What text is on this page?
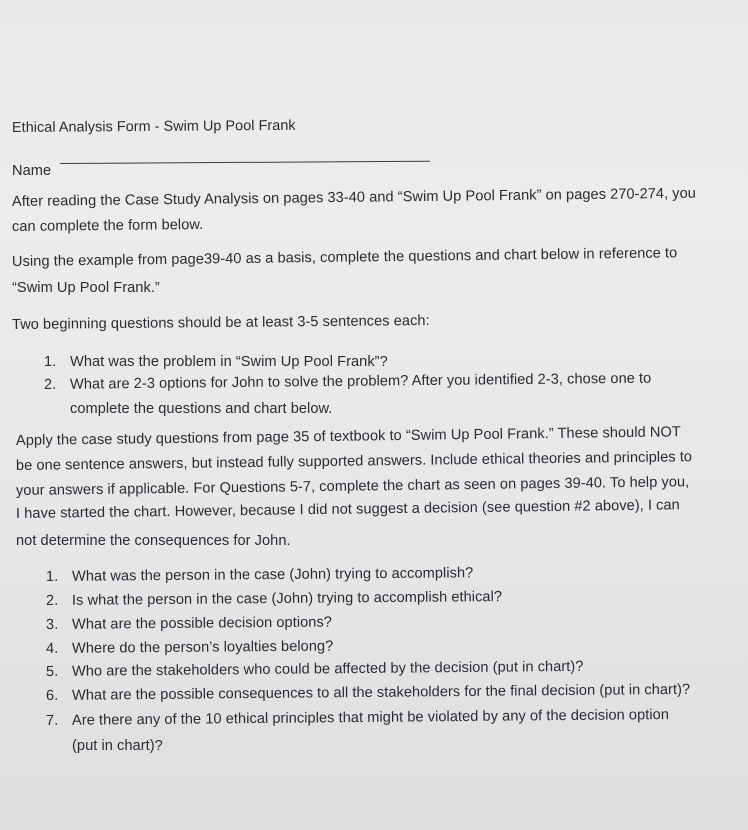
Ethical Analysis Form - Swim Up Pool Frank
Name
After reading the Case Study Analysis on pages 33-40 and “Swim Up Pool Frank” on pages 270-274, you
can complete the form below.
Using the example from page39-40 as a basis, complete the questions and chart below in reference to
“Swim Up Pool Frank.”
Two beginning questions should be at least 3-5 sentences each:
1. What was the problem in “Swim Up Pool Frank”?
2. What are 2-3 options for John to solve the problem? After you identified 2-3, chose one to
complete the questions and chart below.
Apply the case study questions from page 35 of textbook to “Swim Up Pool Frank.” These should NOT
be one sentence answers, but instead fully supported answers. Include ethical theories and principles to
your answers if applicable. For Questions 5-7, complete the chart as seen on pages 39-40. To help you,
I have started the chart. However, because I did not suggest a decision (see question #2 above), I can
not determine the consequences for John.
1. What was the person in the case (John) trying to accomplish?
2. Is what the person in the case (John) trying to accomplish ethical?
3. What are the possible decision options?
4. Where do the person’s loyalties belong?
5. Who are the stakeholders who could be affected by the decision (put in chart)?
6. What are the possible consequences to all the stakeholders for the final decision (put in chart)?
7. Are there any of the 10 ethical principles that might be violated by any of the decision option
(put in chart)?
